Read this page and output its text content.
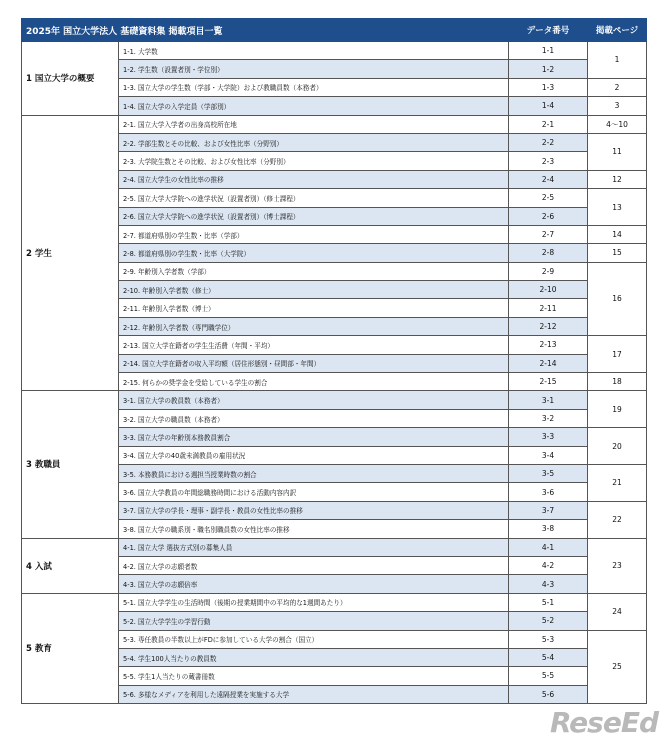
2025年 国立大学法人 基礎資料集 掲載項目一覧		データ番号	掲載ページ
1 国立大学の概要	1-1. 大学数	1-1	1
	1-2. 学生数（設置者別・学位別）	1-2	
	1-3. 国立大学の学生数（学部・大学院）および教職員数（本務者）	1-3	2
	1-4. 国立大学の入学定員（学部別）	1-4	3
2 学生	2-1. 国立大学入学者の出身高校所在地	2-1	4〜10
	2-2. 学部生数とその比較、および女性比率（分野別）	2-2	11
	2-3. 大学院生数とその比較、および女性比率（分野別）	2-3	
	2-4. 国立大学生の女性比率の推移	2-4	12
	2-5. 国立大学大学院への進学状況（設置者別）（修士課程）	2-5	13
	2-6. 国立大学大学院への進学状況（設置者別）（博士課程）	2-6	
	2-7. 都道府県別の学生数・比率（学部）	2-7	14
	2-8. 都道府県別の学生数・比率（大学院）	2-8	15
	2-9. 年齢別入学者数（学部）	2-9	16
	2-10. 年齢別入学者数（修士）	2-10	
	2-11. 年齢別入学者数（博士）	2-11	
	2-12. 年齢別入学者数（専門職学位）	2-12	
	2-13. 国立大学在籍者の学生生活費（年間・平均）	2-13	17
	2-14. 国立大学在籍者の収入平均額（居住形態別・昼間部・年間）	2-14	
	2-15. 何らかの奨学金を受給している学生の割合	2-15	18
3 教職員	3-1. 国立大学の教員数（本務者）	3-1	19
	3-2. 国立大学の職員数（本務者）	3-2	
	3-3. 国立大学の年齢別本務教員割合	3-3	20
	3-4. 国立大学の40歳未満教員の雇用状況	3-4	
	3-5. 本務教員における週担当授業時数の割合	3-5	21
	3-6. 国立大学教員の年間総職務時間における活動内容内訳	3-6	
	3-7. 国立大学の学長・理事・副学長・教員の女性比率の推移	3-7	22
	3-8. 国立大学の職系別・職名別職員数の女性比率の推移	3-8	
4 入試	4-1. 国立大学 選抜方式別の募集人員	4-1	23
	4-2. 国立大学の志願者数	4-2	
	4-3. 国立大学の志願倍率	4-3	
5 教育	5-1. 国立大学学生の生活時間（後期の授業期間中の平均的な1週間あたり）	5-1	24
	5-2. 国立大学学生の学習行動	5-2	
	5-3. 専任教員の半数以上がFDに参加している大学の割合（国立）	5-3	25
	5-4. 学生100人当たりの教員数	5-4	
	5-5. 学生1人当たりの蔵書冊数	5-5	
	5-6. 多様なメディアを利用した遠隔授業を実施する大学	5-6	
ReseEd
